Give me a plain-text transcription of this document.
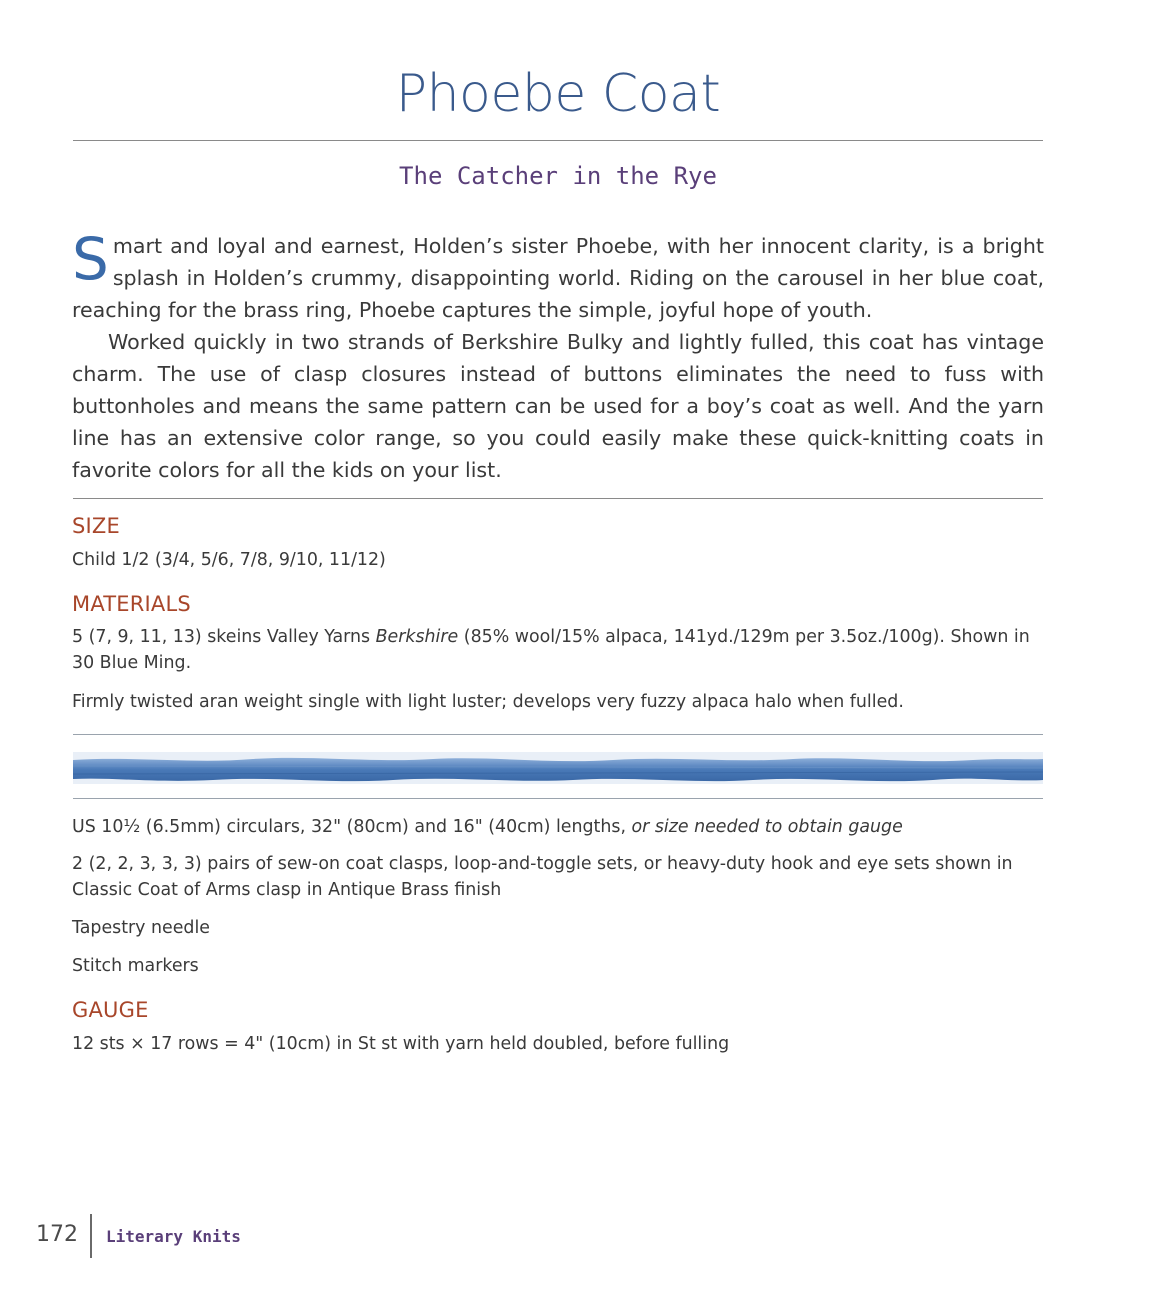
Phoebe Coat
The Catcher in the Rye

Smart and loyal and earnest, Holden’s sister Phoebe, with her innocent clarity, is a bright splash in Holden’s crummy, disappointing world. Riding on the carousel in her blue coat, reaching for the brass ring, Phoebe captures the simple, joyful hope of youth.

Worked quickly in two strands of Berkshire Bulky and lightly fulled, this coat has vintage charm. The use of clasp closures instead of buttons eliminates the need to fuss with buttonholes and means the same pattern can be used for a boy’s coat as well. And the yarn line has an extensive color range, so you could easily make these quick-knitting coats in favorite colors for all the kids on your list.

SIZE
Child 1/2 (3/4, 5/6, 7/8, 9/10, 11/12)
MATERIALS
5 (7, 9, 11, 13) skeins Valley Yarns Berkshire (85% wool/15% alpaca, 141yd./129m per 3.5oz./100g). Shown in 30 Blue Ming.
Firmly twisted aran weight single with light luster; develops very fuzzy alpaca halo when fulled.
US 10½ (6.5mm) circulars, 32" (80cm) and 16" (40cm) lengths, or size needed to obtain gauge
2 (2, 2, 3, 3, 3) pairs of sew-on coat clasps, loop-and-toggle sets, or heavy-duty hook and eye sets shown in Classic Coat of Arms clasp in Antique Brass finish
Tapestry needle
Stitch markers
GAUGE
12 sts × 17 rows = 4" (10cm) in St st with yarn held doubled, before fulling
172 Literary Knits
